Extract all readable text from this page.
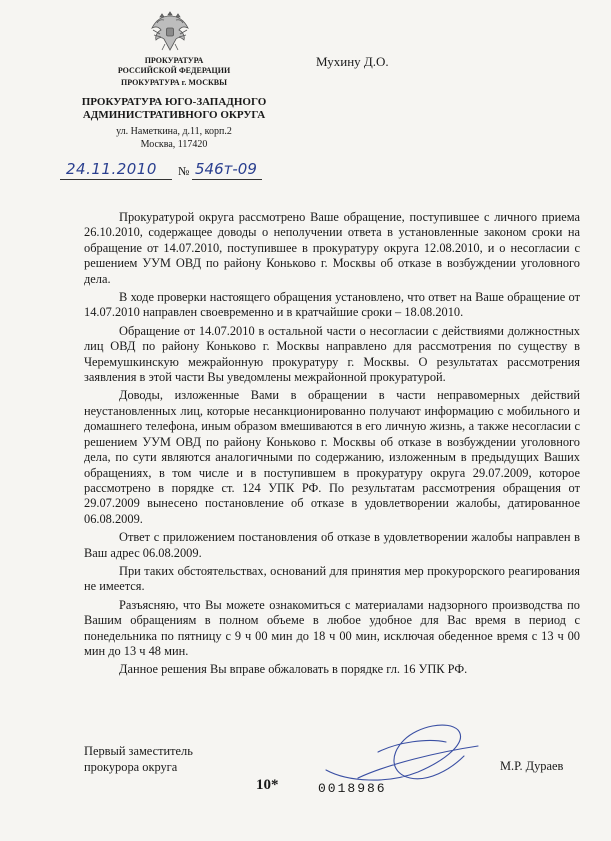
ПРОКУРАТУРА
РОССИЙСКОЙ ФЕДЕРАЦИИ
ПРОКУРАТУРА г. МОСКВЫ
ПРОКУРАТУРА ЮГО-ЗАПАДНОГО
АДМИНИСТРАТИВНОГО ОКРУГА
ул. Наметкина, д.11, корп.2
Москва, 117420
Мухину Д.О.
24.11.2010 № 546т-09

Прокуратурой округа рассмотрено Ваше обращение, поступившее с личного приема 26.10.2010, содержащее доводы о неполучении ответа в установленные законом сроки на обращение от 14.07.2010, поступившее в прокуратуру округа 12.08.2010, и о несогласии с решением УУМ ОВД по району Коньково г. Москвы об отказе в возбуждении уголовного дела.

В ходе проверки настоящего обращения установлено, что ответ на Ваше обращение от 14.07.2010 направлен своевременно и в кратчайшие сроки – 18.08.2010.

Обращение от 14.07.2010 в остальной части о несогласии с действиями должностных лиц ОВД по району Коньково г. Москвы направлено для рассмотрения по существу в Черемушкинскую межрайонную прокуратуру г. Москвы. О результатах рассмотрения заявления в этой части Вы уведомлены межрайонной прокуратурой.

Доводы, изложенные Вами в обращении в части неправомерных действий неустановленных лиц, которые несанкционированно получают информацию с мобильного и домашнего телефона, иным образом вмешиваются в его личную жизнь, а также несогласии с решением УУМ ОВД по району Коньково г. Москвы об отказе в возбуждении уголовного дела, по сути являются аналогичными по содержанию, изложенным в предыдущих Ваших обращениях, в том числе и в поступившем в прокуратуру округа 29.07.2009, которое рассмотрено в порядке ст. 124 УПК РФ. По результатам рассмотрения обращения от 29.07.2009 вынесено постановление об отказе в удовлетворении жалобы, датированное 06.08.2009.

Ответ с приложением постановления об отказе в удовлетворении жалобы направлен в Ваш адрес 06.08.2009.

При таких обстоятельствах, оснований для принятия мер прокурорского реагирования не имеется.

Разъясняю, что Вы можете ознакомиться с материалами надзорного производства по Вашим обращениям в полном объеме в любое удобное для Вас время в период с понедельника по пятницу с 9 ч 00 мин до 18 ч 00 мин, исключая обеденное время с 13 ч 00 мин до 13 ч 48 мин.

Данное решения Вы вправе обжаловать в порядке гл. 16 УПК РФ.

Первый заместитель
прокурора округа	М.Р. Дураев
10*	0018986
